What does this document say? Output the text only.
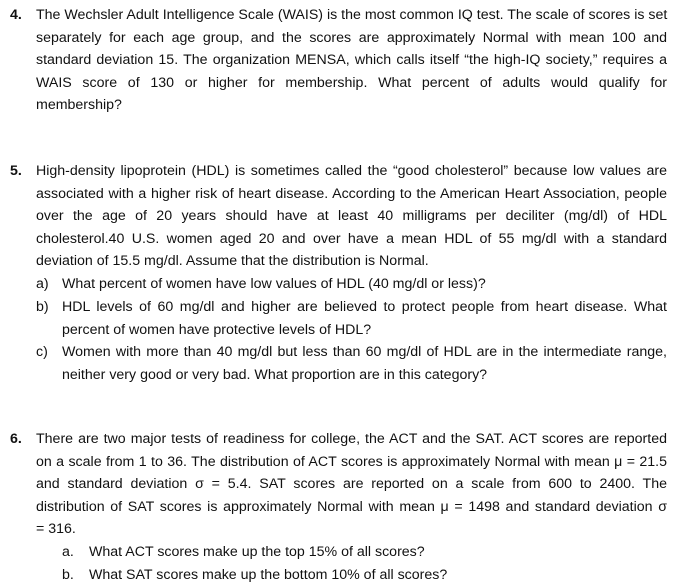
4. The Wechsler Adult Intelligence Scale (WAIS) is the most common IQ test. The scale of scores is set
separately for each age group, and the scores are approximately Normal with mean 100 and
standard deviation 15. The organization MENSA, which calls itself “the high-IQ society,” requires a
WAIS score of 130 or higher for membership. What percent of adults would qualify for
membership?
5. High-density lipoprotein (HDL) is sometimes called the “good cholesterol” because low values are
associated with a higher risk of heart disease. According to the American Heart Association, people
over the age of 20 years should have at least 40 milligrams per deciliter (mg/dl) of HDL
cholesterol.40 U.S. women aged 20 and over have a mean HDL of 55 mg/dl with a standard
deviation of 15.5 mg/dl. Assume that the distribution is Normal.
a) What percent of women have low values of HDL (40 mg/dl or less)?
b) HDL levels of 60 mg/dl and higher are believed to protect people from heart disease. What
percent of women have protective levels of HDL?
c) Women with more than 40 mg/dl but less than 60 mg/dl of HDL are in the intermediate range,
neither very good or very bad. What proportion are in this category?
6. There are two major tests of readiness for college, the ACT and the SAT. ACT scores are reported
on a scale from 1 to 36. The distribution of ACT scores is approximately Normal with mean μ = 21.5
and standard deviation σ = 5.4. SAT scores are reported on a scale from 600 to 2400. The
distribution of SAT scores is approximately Normal with mean μ = 1498 and standard deviation σ
= 316.
a. What ACT scores make up the top 15% of all scores?
b. What SAT scores make up the bottom 10% of all scores?
